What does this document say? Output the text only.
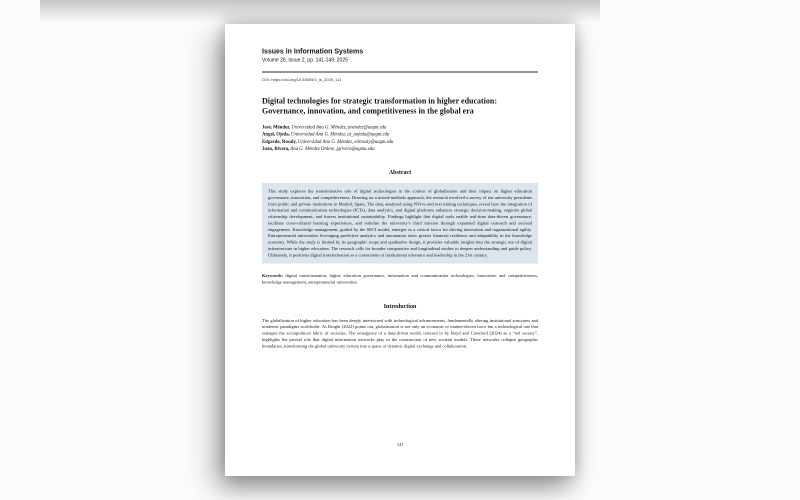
Issues in Information Systems
Volume 26, Issue 2, pp. 141-149, 2025
DOI: https://doi.org/10.48009/2_is_2025_111
Digital technologies for strategic transformation in higher education: Governance, innovation, and competitiveness in the global era
José, Méndez, Universidad Ana G. Méndez, jmendez@uagm.edu
Angel, Ojeda, Universidad Ana G. Méndez, ut_aojeda@uagm.edu
Edgardo, Rosaly, Universidad Ana G. Méndez, edrosaly@uagm.edu
Juan, Rivera, Ana G. Méndez Online, jgrivera@agmu.edu
Abstract
This study explores the transformative role of digital technologies in the context of globalization and their impact on higher education governance, innovation, and competitiveness. Drawing on a mixed-methods approach, the research involved a survey of ten university presidents from public and private institutions in Madrid, Spain. The data, analyzed using NVivo and text mining techniques, reveal how the integration of information and communication technologies (ICTs), data analytics, and digital platforms enhances strategic decision-making, supports global citizenship development, and fosters institutional sustainability. Findings highlight that digital tools enable real-time data-driven governance, facilitate cross-cultural learning experiences, and redefine the university’s third mission through expanded digital outreach and societal engagement. Knowledge management, guided by the SECI model, emerges as a critical factor for driving innovation and organizational agility. Entrepreneurial universities leveraging predictive analytics and automation show greater financial resilience and adaptability in the knowledge economy. While the study is limited by its geographic scope and qualitative design, it provides valuable insights into the strategic use of digital infrastructure in higher education. The research calls for broader comparative and longitudinal studies to deepen understanding and guide policy. Ultimately, it positions digital transformation as a cornerstone of institutional relevance and leadership in the 21st century.
Keywords: digital transformation, higher education governance, information and communication technologies, innovation and competitiveness, knowledge management, entrepreneurial universities
Introduction
The globalization of higher education has been deeply intertwined with technological advancements, fundamentally altering institutional structures and academic paradigms worldwide. As Knight (2022) points out, globalization is not only an economic or market-driven force but a technological one that reshapes the sociopolitical fabric of societies. The emergence of a data-driven world, referred to by Boyd and Crawford (2024) as a “red society”, highlights the pivotal role that digital information networks play in the construction of new societal models. These networks collapse geographic boundaries, transforming the global university system into a space of dynamic digital exchange and collaboration.
141
